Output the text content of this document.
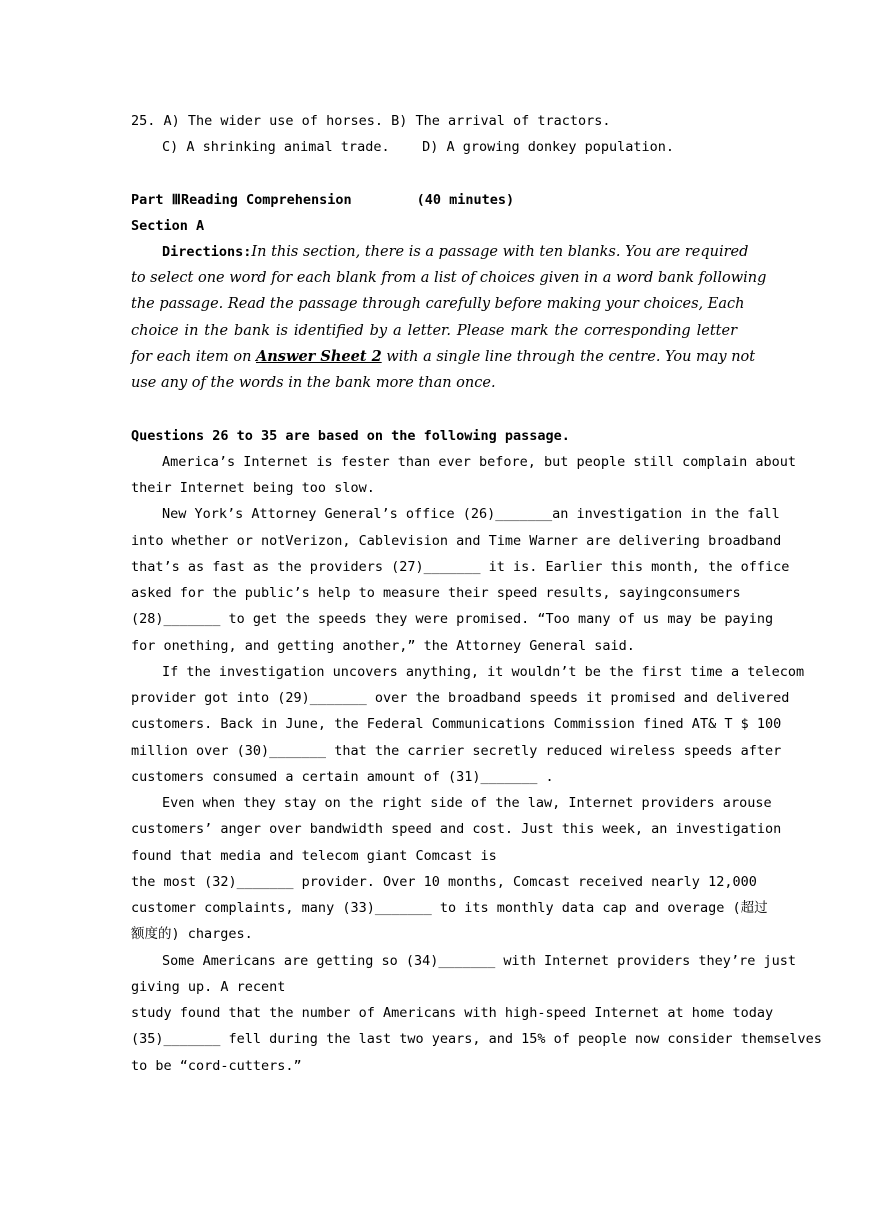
25. A) The wider use of horses. B) The arrival of tractors.
C) A shrinking animal trade.    D) A growing donkey population.
Part ⅢReading Comprehension        (40 minutes)
Section A
Directions:In this section, there is a passage with ten blanks. You are required
to select one word for each blank from a list of choices given in a word bank following
the passage. Read the passage through carefully before making your choices, Each
choice in the bank is identified by a letter. Please mark the corresponding letter
for each item on Answer Sheet 2 with a single line through the centre. You may not
use any of the words in the bank more than once.
Questions 26 to 35 are based on the following passage.
America’s Internet is fester than ever before, but people still complain about
their Internet being too slow.
New York’s Attorney General’s office (26)_______an investigation in the fall
into whether or notVerizon, Cablevision and Time Warner are delivering broadband
that’s as fast as the providers (27)_______ it is. Earlier this month, the office
asked for the public’s help to measure their speed results, sayingconsumers
(28)_______ to get the speeds they were promised. “Too many of us may be paying
for onething, and getting another,” the Attorney General said.
If the investigation uncovers anything, it wouldn’t be the first time a telecom
provider got into (29)_______ over the broadband speeds it promised and delivered
customers. Back in June, the Federal Communications Commission fined AT& T $ 100
million over (30)_______ that the carrier secretly reduced wireless speeds after
customers consumed a certain amount of (31)_______ .
Even when they stay on the right side of the law, Internet providers arouse
customers’ anger over bandwidth speed and cost. Just this week, an investigation
found that media and telecom giant Comcast is
the most (32)_______ provider. Over 10 months, Comcast received nearly 12,000
customer complaints, many (33)_______ to its monthly data cap and overage (超过
额度的) charges.
Some Americans are getting so (34)_______ with Internet providers they’re just
giving up. A recent
study found that the number of Americans with high-speed Internet at home today
(35)_______ fell during the last two years, and 15% of people now consider themselves
to be “cord-cutters.”
